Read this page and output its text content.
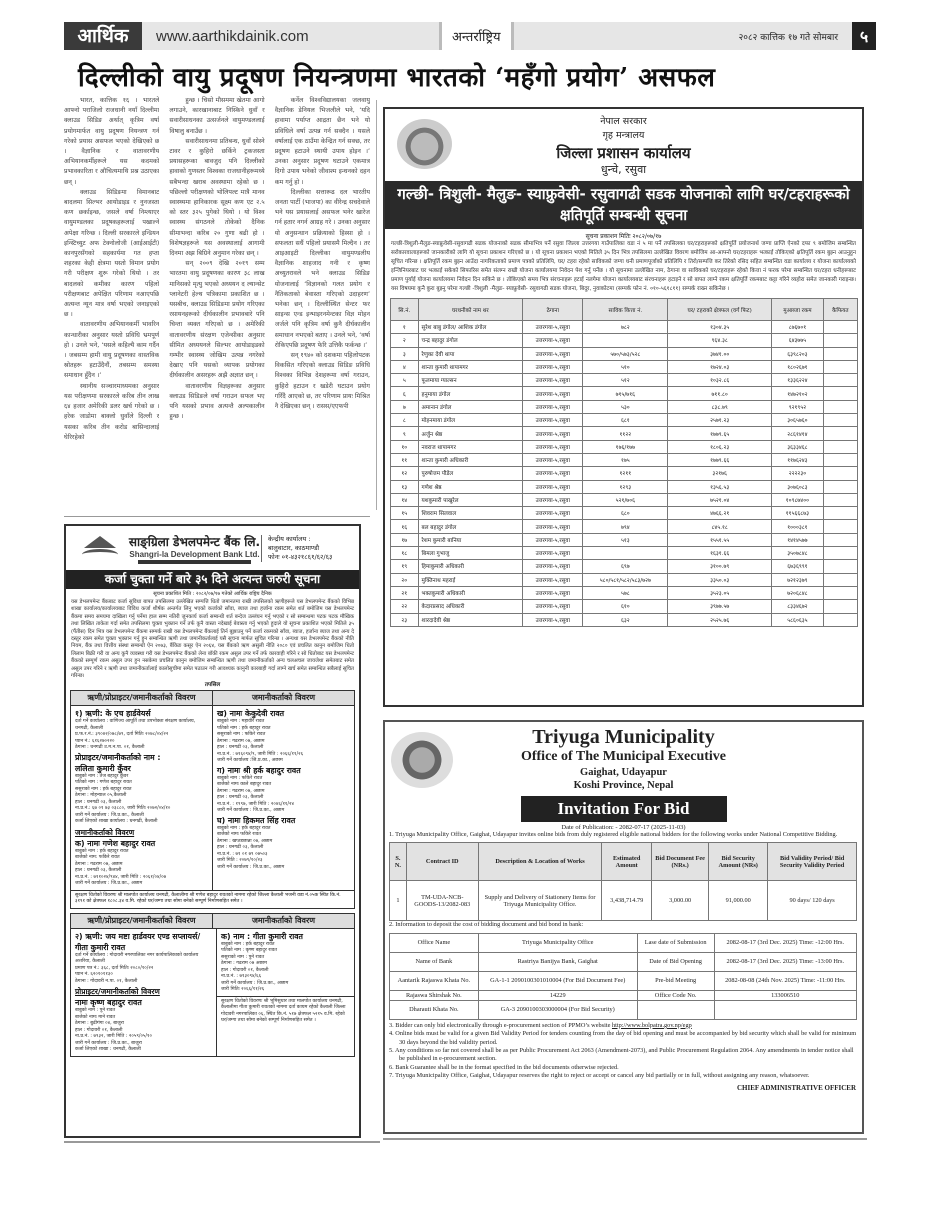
आर्थिक	www.aarthikdainik.com	अन्तर्राष्ट्रिय	२०८२ कात्तिक १७ गते सोमबार	५
दिल्लीको वायु प्रदूषण नियन्त्रणमा भारतको ‘महँगो प्रयोग’ असफल

भारत, कात्तिक १६ । भारतले आफ्नो पराजिलो राजधानी नयाँ दिल्लीमा क्लाउड सिडिङ अर्थात् कृत्रिम वर्षा प्रयोगमार्फत वायु प्रदूषण नियन्त्रण गर्न गरेको प्रयास असफल भएको देखिएको छ । वैज्ञानिक र वातावरणीय अभियानकर्मीहरूले यस कदमको प्रभावकारिता र औचित्यमाथि प्रश्न उठाएका छन् ।

क्लाउड सिडिङमा विमानबाट बादलमा सिल्भर आयोडाइड र नुनजस्ता कण छर्काइन्छ, जसले वर्षा निम्त्याएर वायुमण्डलका प्रदूषकहरूलाई पखाल्ने अपेक्षा गरिन्छ । दिल्ली सरकारले इन्डियन इन्स्टिच्युट अफ टेक्नोलोजी (आईआईटी) कानपुरसँगको सहकार्यमा गत हप्ता शहरका केही क्षेत्रमा यस्तो विमान प्रयोग गरी परीक्षण शुरू गरेको थियो । तर बादलको कमीका कारण पहिलो परीक्षणबाट अपेक्षित परिणाम नआएपछि अत्यन्त न्यून मात्र वर्षा भएको जनाइएको छ ।

वातावरणीय अभियानकर्मी भावरिन कान्धारीका अनुसार यस्तो प्रविधि भ्रमपूर्ण हो । उनले भने, ‘यसले कहिल्यै काम गर्दैन । जबसम्म हामी वायु प्रदूषणका वास्तविक स्रोतहरू हटाउँदैनौं, तबसम्म समस्या समाधान हुँदैन ।’

स्थानीय सञ्चारमाध्यमका अनुसार यस परीक्षणमा सरकारले करिब तीन लाख ६४ हजार अमेरिकी डलर खर्च गरेको छ । हरेक जाडोमा बाक्लो धुवाँले दिल्ली र यसका करिब तीन करोड बासिन्दालाई घेरिरहेको

हुन्छ । चिसो मौसममा खेतमा आगो लगाउने, कारखानाबाट निस्किने धुवाँ र सवारीसाधनका उत्सर्जनले वायुमण्डललाई विषालु बनाउँछ ।

सवारीसाधनमा प्रतिबन्ध, धुवाँ सोस्ने टावर र कुहिरो छर्किने ट्रकजस्ता प्रयासहरूका बावजुद पनि दिल्लीको हावाको गुणस्तर विश्वका राजधानीहरूमध्ये सबैभन्दा खराब अवस्थामा रहेको छ । पछिल्लो परीक्षणको भोलिपल्ट मात्रै मानव स्वास्थ्यमा हानिकारक सूक्ष्म कण एट २.५ को स्तर ३२५ पुगेको थियो । यो विश्व स्वास्थ्य संगठनले तोकेको दैनिक सीमाभन्दा करिब २० गुणा बढी हो । विशेषज्ञहरूले यस अवस्थालाई आगामी दिनमा अझ बिग्रिने अनुमान गरेका छन् ।

सन् २००९ देखि २०१९ सम्म भारतमा वायु प्रदूषणका कारण ३८ लाख मानिसको मृत्यु भएको अध्ययन द ल्यान्सेट प्लानेटरी हेल्थ पत्रिकामा प्रकाशित छ । यसबीच, क्लाउड सिडिङमा प्रयोग गरिएका रसायनहरूको दीर्घकालीन प्रभावबारे पनि चिन्ता व्यक्त गरिएको छ । अमेरिकी वातावरणीय संरक्षण एजेन्सीका अनुसार सीमित अध्ययनले सिल्भर आयोडाइडको गम्भीर स्वास्थ्य जोखिम उत्पन्न नगरेको देखाए पनि यसको व्यापक प्रयोगका दीर्घकालीन असरहरू अझै अज्ञात छन् ।

वातावरणीय विज्ञहरूका अनुसार क्लाउड सिडिङले वर्षा गराउन सफल भए पनि यसको प्रभाव अत्यन्तै अल्पकालीन हुन्छ ।

कर्नेल विश्वविद्यालयका जलवायु वैज्ञानिक डेनियल भिजलीले भने, ‘यदि हावामा पर्याप्त आद्रता छैन भने यो प्रविधिले वर्षा उत्पन्न गर्न सक्दैन । यसले वर्षालाई एक ठाउँमा केन्द्रित गर्न सक्छ, तर प्रदूषण हटाउने स्थायी उपाय होइन ।’ उनका अनुसार प्रदूषण घटाउने एकमात्र दिगो उपाय भनेको जीवाश्म इन्धनको दहन कम गर्नु हो ।

दिल्लीका सत्तारूढ दल भारतीय जनता पार्टी (भाजपा) का वीरेन्द्र सचदेवाले भने यस प्रयासलाई असफल भनेर खारेज गर्न हतार नगर्न आग्रह गरे । उनका अनुसार यो अनुसन्धान प्रक्रियाको हिस्सा हो । सफलता सधैं पहिलो प्रयासमै मिल्दैन । तर आइआइटी दिल्लीका वायुमण्डलीय वैज्ञानिक शाहजाद गनी र कृष्ण अच्युतरावले भने क्लाउड सिडिङ योजनालाई ‘विज्ञानको गलत प्रयोग र नैतिकताको बेवास्ता गरिएको उदाहरण’ भनेका छन् । दिल्लीस्थित सेन्टर फर साइन्स एन्ड इन्भाइरनमेन्टका विज्ञ मोहन जर्जले पनि कृत्रिम वर्षा कुनै दीर्घकालीन समाधान नभएको बताए । उनले भने, ‘वर्षा रोकिएपछि प्रदूषण फेरि उत्तिकै फर्कन्छ ।’

सन् १९४० को दशकमा पहिलोपटक विकसित गरिएको क्लाउड सिडिङ प्रविधि विश्वका विभिन्न देशहरूमा वर्षा गराउन, कुहिरो हटाउन र खडेरी घटाउन प्रयोग गरिँदै आएको छ, तर परिणाम प्रायः मिश्रित नै देखिएका छन् । रासस/एएफपी

नेपाल सरकार
गृह मन्त्रालय
जिल्ला प्रशासन कार्यालय
धुन्चे, रसुवा
गल्छी- त्रिशुली- मैलुङ- स्याफ्रुवेसी- रसुवागढी सडक योजनाको लागि घर/टहराहरूको क्षतिपूर्ति सम्बन्धी सूचना
सूचना प्रकाशन मितिः २०८२/०७/१७
गल्छी-त्रिशुली-मैलुङ-स्याफ्रुवेसी-रसुवागढी सडक योजनाको सडक सीमाभित्र पर्ने रसुवा जिल्ला उत्तरगया गाउँपालिका वडा नं ५ मा पर्ने तपसिलका घर/टहराहरूको क्षतिपूर्ति प्रयोजनार्थ जग्गा प्राप्ति ऐनको दफा ९ बमोजिम सम्बन्धित सरोकारवालाहरूको जानकारीको लागि यो सूचना प्रकाशन गरिएको छ । यो सूचना प्रकाशन भएको मितिले ३५ दिन भित्र तपसिलमा उल्लेखित विवरण बमोजिम आ-आफ्नो घर/टहराहरू भत्काई तोकिएको क्षतिपूर्ति रकम बुझ्न आउनुहुन सूचित गरिन्छ । क्षतिपूर्ति रकम बुझ्न आउँदा नागरिकताको प्रमाण पत्रको प्रतिलिपि, घर/ टहरा रहेको साविकको जग्गा धनी प्रमाणपूर्जाको प्रतिलिपि र तिरो/सम्पत्ति कर तिरेको रसिद सहित सम्बन्धित वडा कार्यालय र योजना कार्यालयको इन्जिनियरबाट घर भत्काई सकेको सिफारिस समेत संलग्न राखी योजना कार्यालयमा निवेदन पेश गर्नु पर्नेछ । यो सूचनामा उल्लेखित नाम, ठेगाना वा साविकको घर/टहराहरू रहेको कित्ता नं फरक परेमा सम्बन्धित घर/टहरा धनीहरूबाट प्रमाण पुर्याई योजना कार्यालयमा निवेदन दिन सकिने छ । तोकिएको समय भित्र संरचनाहरू हटाई नलगेमा योजना कार्यालयबाट संरचनाहरू हटाइने र सो बापत लाग्ने रकम क्षतिपूर्ति रकमबाट कट्टा गरिने व्यहोरा समेत जानकारी गराइन्छ। यस विषयमा कुनै कुरा बुझ्नु परेमा गल्छी -त्रिशुली -मैलुङ- स्याफ्रुवेसी- रसुवागढी सडक योजना, बिदुर, नुवाकोटमा (सम्पर्क फोन नं. ०१०-५६१८११) सम्पर्क राख्न सकिनेछ ।
सि.नं.	घरधनीको नाम थर	ठेगाना	साविक कित्ता नं.	घर/ टहराको क्षेत्रफल (वर्ग फिट)	मुआब्जा रकम	कैफियत
१	सुरेश बाबु डंगोल/ आशिक डंगोल	उत्तरगया-५,रसुवा	७८२	१३०४.३५	८७६७०१	
२	चन्द्र बहादुर डंगोल	उत्तरगया-५,रसुवा		९६४.३८	६४३७७५	
३	रेणुका देवी थापा	उत्तरगया-५,रसुवा	५७०/५७३/५२८	३७४१.००	६३९८२०३	
४	शान्ता कुमारी थापामगर	उत्तरगया-५,रसुवा	५१०	१७२४.०३	१८०२६७१	
५	फूलमाया ग्याल्सन	उत्तरगया-५,रसुवा	५१२	१०३२.८६	१३३६२२४	
६	हनुमाया डंगोल	उत्तरगया-५,रसुवा	७१५/७१६	७११.८०	१४७२१०२	
७	अमानान डंगोल	उत्तरगया-५,रसुवा	५३०	८३८.७९	९२१९५२	
८	मोहनमाया डंगोल	उत्तरगया-५,रसुवा	६८१	२५७१.२३	३०६५७६०	
९	अर्जुन श्रेष्ठ	उत्तरगया-५,रसुवा	११२२	१७७९.६५	२८६१४१४	
१०	नवराज थापामगर	उत्तरगया-५,रसुवा	१७६/१७७	१८०६.२३	३६३३४६८	
११	शान्ता कुमारी अधिकारी	उत्तरगया-५,रसुवा	१७५	१७७९.६६	११७६२४३	
१२	पुरुषोत्तम पौडेल	उत्तरगया-५,रसुवा	१२११	३२१७६	२२२२३०	
१३	गणेश श्रेष्ठ	उत्तरगया-५,रसुवा	१२९३	१३५६.५३	३०७६०८३	
१४	यशकुमारी पाखुरेल	उत्तरगया-५,रसुवा	५२१/७०६	७५२१.०४	१०९८७४००	
१५	शिवराम सिलवाल	उत्तरगया-५,रसुवा	६८०	४७६६.२१	११५६६८७३	
१६	बल बहादुर डंगोल	उत्तरगया-५,रसुवा	७९४	८४५.१८	१०००३८१	
१७	रेशम कुमारी बानिया	उत्तरगया-५,रसुवा	५१३	१५५१.५५	१४१४५७७	
१८	बिमला गुभाजु	उत्तरगया-५,रसुवा		१६३१.६६	३५०७८४८	
१९	हिमाकुमारी अधिकारी	उत्तरगया-५,रसुवा	६९७	३१००.७९	६७३६९९१	
२०	मुक्तिनाथ महराई	उत्तरगया-५,रसुवा	५८०/५८१/५८२/५८३/७२७	३३५०.०३	७२१२३७९	
२१	भक्तकुमारी अधिकारी	उत्तरगया-५,रसुवा	५७८	३५२३.०५	७२०६८४८	
२२	केदारप्रसाद अधिकारी	उत्तरगया-५,रसुवा	६१०	३९७७.५७	८३३४६७२	
२३	शारदादेवी श्रेष्ठ	उत्तरगया-५,रसुवा	६३२	२५२५.७६	५८६०६३५	
साङ्ग्रिला डेभलपमेन्ट बैंक लि.
Shangri-la Development Bank Ltd.
केन्द्रीय कार्यालय :
बालुवाटार, काठमाण्डौ
फोनः ०१-४३२१८६१/६२/६३
कर्जा चुक्ता गर्ने बारे ३५ दिने अत्यन्त जरुरी सूचना
सूचना प्रकाशित मिति : २०८२/०७/१७ गतेको आर्थिक राष्ट्रिय दैनिक
यस डेभलपमेन्ट बैंकबाट कर्जा सुविधा बापत तपसिलमा उल्लेखित सम्पत्ति धितो जमानतमा राखी तपसिलको ऋणीहरूले यस डेभलपमेन्ट बैंकको विभिन्न शाखा कार्यालय/कार्यालयबाट विविध कर्जा शीर्षक अन्तर्गत लिनु भएको कर्जाको साँवा, ब्याज तथा हर्जाना रकम समेत शर्त बमोजिम यस डेभलपमेन्ट बैंकमा समय समयमा दाखिला गर्नु पर्नेमा हाल सम्म नतिरी जुनकार्य कर्जा सम्बन्धी शर्त बन्देज उल्लंघन गर्नु भएको र सो सम्बन्धमा पटक पटक मौखिक तथा लिखित ताकेता गर्दा समेत तपसिलमा चुक्ता भुक्तान गर्ने तर्फ कुनै वास्ता नदेखाई बेवास्ता गर्नु भएको हुदाले यो सूचना प्रकाशित भएको मितिले ३५ (पैंतीस) दिन भित्र यस डेभलपमेन्ट बैंकमा सम्पर्क राखी यस डेभलपमेन्ट बैंकलाई तिर्न बुझाउनु पर्ने कर्जा रकमको साँवा, ब्याज, हर्जाना ब्याज तथा अन्य दे दस्तुर रकम समेत चुक्ता भुक्तान गर्नु हुन सम्बन्धित ऋणी तथा जमानीकर्तालाई यसै सूचना मार्फत सूचित गरिन्छ । अन्यथा यस डेभलपमेन्ट बैंकको नीति नियम, बैंक तथा वित्तीय संस्था सम्बन्धी ऐन २०७३, बैंकिङ कसूर ऐन २०६४, यस बैंकको ऋण असुली नीति २०८० एवं प्रचलित कानुन बमोजिम धितो लिलाम बिक्री गरी वा अन्य कुनै व्यवस्था गरी यस डेभलपमेन्ट बैंकको लेना बाँकी रकम असुल उपर गर्ने तर्फ कारवाही गरिने र सो धितोबाट यस डेभलपमेन्ट बैंकको सम्पूर्ण रकम असुल उपर हुन नसकेमा प्रचलित कानुन बमोजिम सम्बन्धित ऋणी तथा जमानीकर्ताको अन्य चलअचल जायजेथा समेतबाट समेत असुल उपर गरिने र ऋणी तथा जमानीकर्तालाई कालोसूचीमा समेत पठाउन गरी आवश्यक कानुनी कारबाही गर्दा लाग्ने खर्च समेत सम्बन्धित सबैलाई सूचित गरिन्छ।
तपसिल
ऋणी/प्रोप्राइटर/जमानीकर्ताको विवरण	जमानीकर्ताको विवरण
१) ऋणी: के एच हार्डवेयर्स
दर्ता गर्ने कार्यालय : वाणिज्य आपूर्ति तथा उपभोक्ता संरक्षण कार्यालय, धनगढी, कैलाली
प्र.फ.र.नं.: ३९०४२/०७८/७९, दर्ता मितिः २०७८/०४/२२
प्यान नं.: ६१६२७०२२०
ठेगाना : धनगढी उ.म.न.पा. ०१, कैलाली
प्रोप्राइटर/जमानीकर्ताको नाम :
ललिता कुमारी कुँवर
बाबुको नाम : तेज बहादुर कुँवर
पतिको नाम : गणेश बहादुर रावत
ससुराको नाम : हर्क बहादुर रावत
ठेगाना : मोहन्याल ०५,कैलाली
हाल : धनगढी ०३, कैलाली
ना.प्र.नं.: ६७ ०१ ७३ ०३८८०, जारी मितिः २०७२/०४/१०
जारी गर्ने कार्यालय : जि.प्र.का., कैलाली
कर्जा लिएको शाखा कार्यालय : धनगढी, कैलाली
जमानीकर्ताको विवरण
क) नामः गणेश बहादुर रावत
बाबुको नाम : हर्क बहादुर रावत
बाजेको नाम: फकिरे रावत
ठेगाना : गढराम ०७, अछाम
हाल : धनगढी ०३, कैलाली
ना.प्र.नं. : ७११०२४/९४४, जारी मिति : २०६१/०४/०७
जारी गर्ने कार्यालय : जि.प्र.का., अछाम
ख) नामः केकुदेवी रावत
बाबुको नाम : महावीरे रावत
पतिको नाम : हर्क बहादुर रावत
ससुराको नाम : फकिरे रावत
ठेगाना : गढराम ०७, अछाम
हाल : धनगढी ०३, कैलाली
ना.प्र.नं. : ७१६०९४/९, जारी मिति : २०६६/११/२६
जारी गर्ने कार्यालय :जि.प्र.का., अछाम
ग) नामः श्री हर्क बहादुर रावत
बाबुको नाम : फकिरे रावत
बाजेको नामः काले बहादुर रावत
ठेगाना : गढराम ०७, अछाम
हाल : धनगढी ०३, कैलाली
ना.प्र.नं. : १९९७, जारी मिति : २०४६/११/२४
जारी गर्ने कार्यालय : जि.प्र.का., अछाम
घ) नामः हिकमत सिंह रावत
बाबुको नाम : हर्क बहादुर रावत
बाजेको नामः फकिरे रावत
ठेगाना : खप्तडछान्ना ०७, अछाम
हाल : धनगढी ०३, कैलाली
ना.प्र.नं. : ७१ ०१ ७९ ०७५०३
जारी मिति : २०७९/१०/२३
जारी गर्ने कार्यालय : जि.प्र.का., अछाम
सुरक्षण धितोको विवरणः श्री मालपोत कार्यालय धनगढी, कैलालीमा श्री गणेश बहादुर रावतको नाममा रहेको जिल्ला कैलाली भजनी वडा नं.०५क स्थित कि.नं. ३१९१ को क्षेत्रफल १८०८.३४ व.मि. रहेको घर/जग्गा तथा सोमा बनेको सम्पूर्ण निर्माणसहित समेत ।
ऋणी/प्रोप्राइटर/जमानीकर्ताको विवरण	जमानीकर्ताको विवरण
२) ऋणी: जय मष्टा हार्डवयर एण्ड सप्लायर्स/गीता कुमारी रावत
दर्ता गर्ने कार्यालय : गोदावरी नगरपालिका नगर कार्यपालिकाको कार्यालय अत्तरिया, कैलाली
प्रमाण पत्र नं.: ३६८, दर्ता मितिः २०८०/१०/२२
प्यान नं. ६२०१०११३०
ठेगाना : गोदावरी न.पा. ०१, कैलाली
प्रोप्राइटर/जमानीकर्ताको विवरण
नामः कृष्ण बहादुर रावत
बाबुको नाम : पुने रावत
बाजेको नामः माने रावत
ठेगाना : बुढीगंगा ०४, बाजुरा
हाल : गोदावरी ०१, कैलाली
ना.प्र.नं. : ७९३२, जारी मिति : २०५९/०५/१०
जारी गर्ने कार्यालय : जि.प्र.का., बाजुरा
कर्जा लिएको शाखा : धनगढी, कैलाली
क) नाम : गीता कुमारी रावत
बाबुको नाम : हर्क बहादुर रावत
पतिको नाम : कृष्ण बहादुर रावत
ससुराको नाम : पुने रावत
ठेगाना : गढराम ०७ अछाम
हाल : गोदावरी ०१, कैलाली
ना.प्र.नं. : ७१३०९४/६६
जारी गर्ने कार्यालय : जि.प्र.का., अछाम
जारी मितिः २०६६/११/२६
सुरक्षण धितोको विवरणः श्री भूमिसुधार तथा मालपोत कार्यालय धनगढी, कैलालीमा गीता कुमारी रावतको नाममा दर्ता कायम रहेको कैलाली जिल्ला गोदावरी नगरपालिका ०६, स्थित कि.नं. ५१७ क्षेत्रफल ५२१५ व.मि. रहेको घर/जग्गा तथा सोमा बनेको सम्पूर्ण निर्माणसहित समेत ।
Triyuga Municipality
Office of The Municipal Executive
Gaighat, Udayapur
Koshi Province, Nepal
Invitation For Bid
Date of Publication: - 2082-07-17 (2025-11-03)
1. Triyuga Municipality Office, Gaighat, Udayapur invites online bids from duly registered eligible national bidders for the following works under National Competitive Bidding.
S. N.	Contract ID	Description & Location of Works	Estimated Amount	Bid Document Fee (NRs.)	Bid Security Amount (NRs)	Bid Validity Period/ Bid Security Validity Period
1	TM-UDA-NCB-GOODS-13/2082-083	Supply and Delivery of Stationery Items for Triyuga Municipality Office.	3,438,714.79	3,000.00	91,000.00	90 days/ 120 days
2. Information to deposit the cost of bidding document and bid bond in bank:
Office Name	Triyuga Municipality Office	Lase date of Submission	2082-08-17 (3rd Dec. 2025) Time: -12:00 Hrs.
Name of Bank	Rastriya Banijya Bank, Gaighat	Date of Bid Opening	2082-08-17 (3rd Dec. 2025) Time: -13:00 Hrs.
Aantarik Rajaswa Khata No.	GA-1-1 2090100301010004 (For Bid Document Fee)	Pre-bid Meeting	2082-08-08 (24th Nov. 2025) Time: -11:00 Hrs.
Rajaswa Shirshak No.	14229	Office Code No.	133006510
Dharauti Khata No.	GA-3 2090100303000004 (For Bid Security)		
3. Bidder can only bid electronically through e-procurement section of PPMO’s website http://www.bolpatra.gov.np/egp
4. Online bids must be valid for a given Bid Validity Period for tenders counting from the day of bid opening and must be accompanied by bid security which shall be valid for minimum 30 days beyond the bid validity period.
5. Any conditions so far not covered shall be as per Public Procurement Act 2063 (Amendment-2073), and Public Procurement Regulation 2064. Any amendments in tender notice shall be published in e-procurement section.
6. Bank Guarantee shall be in the format specified in the bid documents otherwise rejected.
7. Triyuga Municipality Office, Gaighat, Udayapur reserves the right to reject or accept or cancel any bid partially or in full, without assigning any reason, whatsoever.
CHIEF ADMINISTRATIVE OFFICER
